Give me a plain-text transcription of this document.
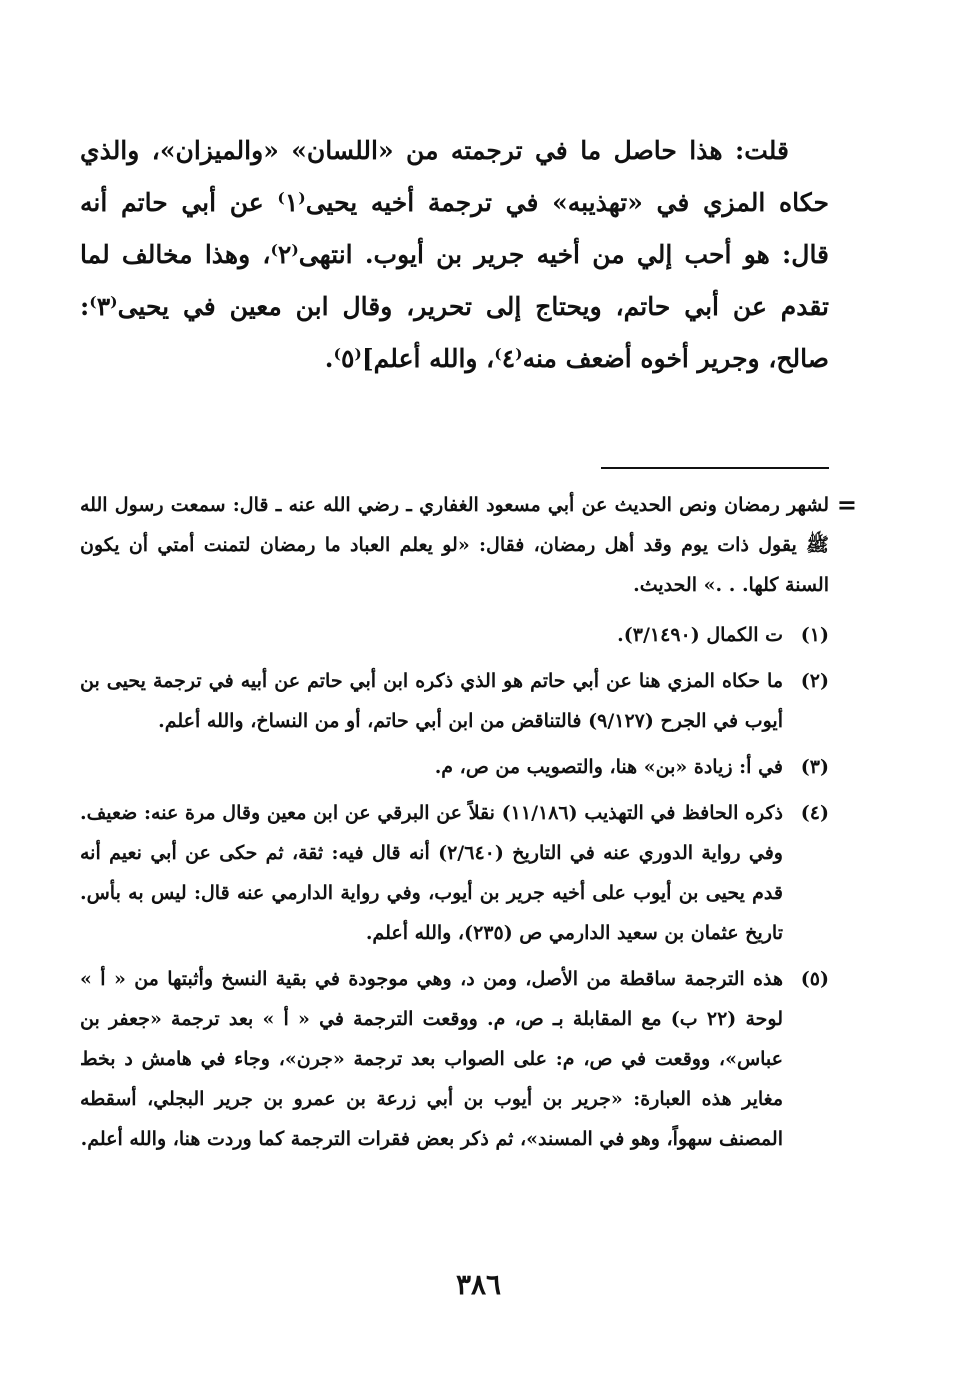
قلت: هذا حاصل ما في ترجمته من «اللسان» «والميزان»، والذي حكاه المزي في «تهذيبه» في ترجمة أخيه يحيى⁽١⁾ عن أبي حاتم أنه قال: هو أحب إلي من أخيه جرير بن أيوب. انتهى⁽٢⁾، وهذا مخالف لما تقدم عن أبي حاتم، ويحتاج إلى تحرير، وقال ابن معين في يحيى⁽٣⁾: صالح، وجرير أخوه أضعف منه⁽٤⁾، والله أعلم]⁽٥⁾.

=

لشهر رمضان ونص الحديث عن أبي مسعود الغفاري ـ رضي الله عنه ـ قال: سمعت رسول الله ﷺ يقول ذات يوم وقد أهل رمضان، فقال: «لو يعلم العباد ما رمضان لتمنت أمتي أن يكون السنة كلها. . .» الحديث.

(١)
ت الكمال (٣/١٤٩٠).
(٢)
ما حكاه المزي هنا عن أبي حاتم هو الذي ذكره ابن أبي حاتم عن أبيه في ترجمة يحيى بن أيوب في الجرح (٩/١٢٧) فالتناقض من ابن أبي حاتم، أو من النساخ، والله أعلم.
(٣)
في أ: زيادة «بن» هنا، والتصويب من ص، م.
(٤)
ذكره الحافظ في التهذيب (١١/١٨٦) نقلاً عن البرقي عن ابن معين وقال مرة عنه: ضعيف. وفي رواية الدوري عنه في التاريخ (٢/٦٤٠) أنه قال فيه: ثقة، ثم حكى عن أبي نعيم أنه قدم يحيى بن أيوب على أخيه جرير بن أيوب، وفي رواية الدارمي عنه قال: ليس به بأس. تاريخ عثمان بن سعيد الدارمي ص (٢٣٥)، والله أعلم.
(٥)
هذه الترجمة ساقطة من الأصل، ومن د، وهي موجودة في بقية النسخ وأثبتها من « أ » لوحة (٢٢ ب) مع المقابلة بـ ص، م. ووقعت الترجمة في « أ » بعد ترجمة «جعفر بن عباس»، ووقعت في ص، م: على الصواب بعد ترجمة «جرن»، وجاء في هامش د بخط مغاير هذه العبارة: «جرير بن أيوب بن أبي زرعة بن عمرو بن جرير البجلي، أسقطه المصنف سهواً، وهو في المسند»، ثم ذكر بعض فقرات الترجمة كما وردت هنا، والله أعلم.
٣٨٦
